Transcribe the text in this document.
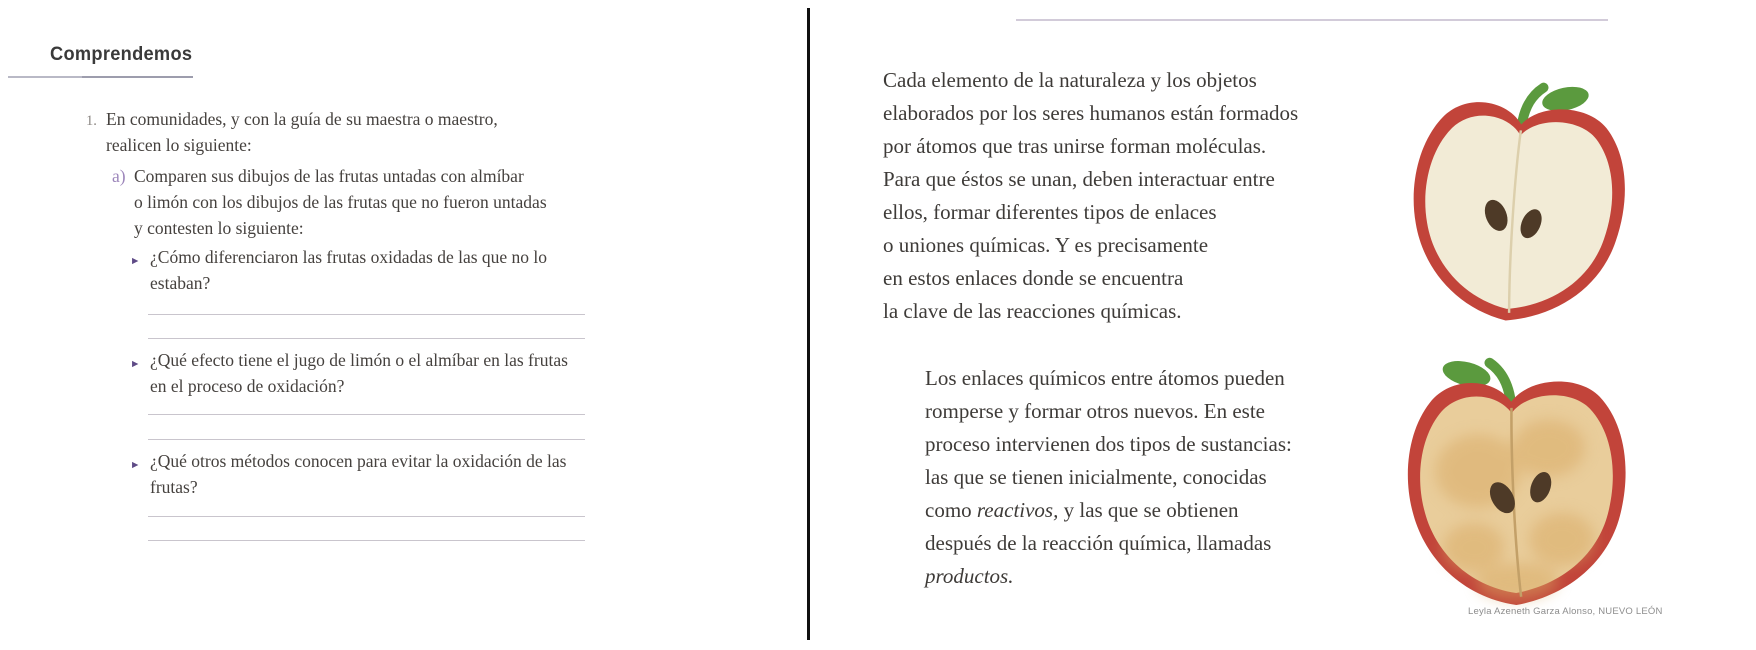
Comprendemos
1. En comunidades, y con la guía de su maestra o maestro,
realicen lo siguiente:
a) Comparen sus dibujos de las frutas untadas con almíbar
o limón con los dibujos de las frutas que no fueron untadas
y contesten lo siguiente:
► ¿Cómo diferenciaron las frutas oxidadas de las que no lo estaban?
► ¿Qué efecto tiene el jugo de limón o el almíbar en las frutas
en el proceso de oxidación?
► ¿Qué otros métodos conocen para evitar la oxidación de las frutas?
Cada elemento de la naturaleza y los objetos
elaborados por los seres humanos están formados
por átomos que tras unirse forman moléculas.
Para que éstos se unan, deben interactuar entre
ellos, formar diferentes tipos de enlaces
o uniones químicas. Y es precisamente
en estos enlaces donde se encuentra
la clave de las reacciones químicas.
Los enlaces químicos entre átomos pueden
romperse y formar otros nuevos. En este
proceso intervienen dos tipos de sustancias:
las que se tienen inicialmente, conocidas
como reactivos, y las que se obtienen
después de la reacción química, llamadas
productos.
Leyla Azeneth Garza Alonso, NUEVO LEÓN
